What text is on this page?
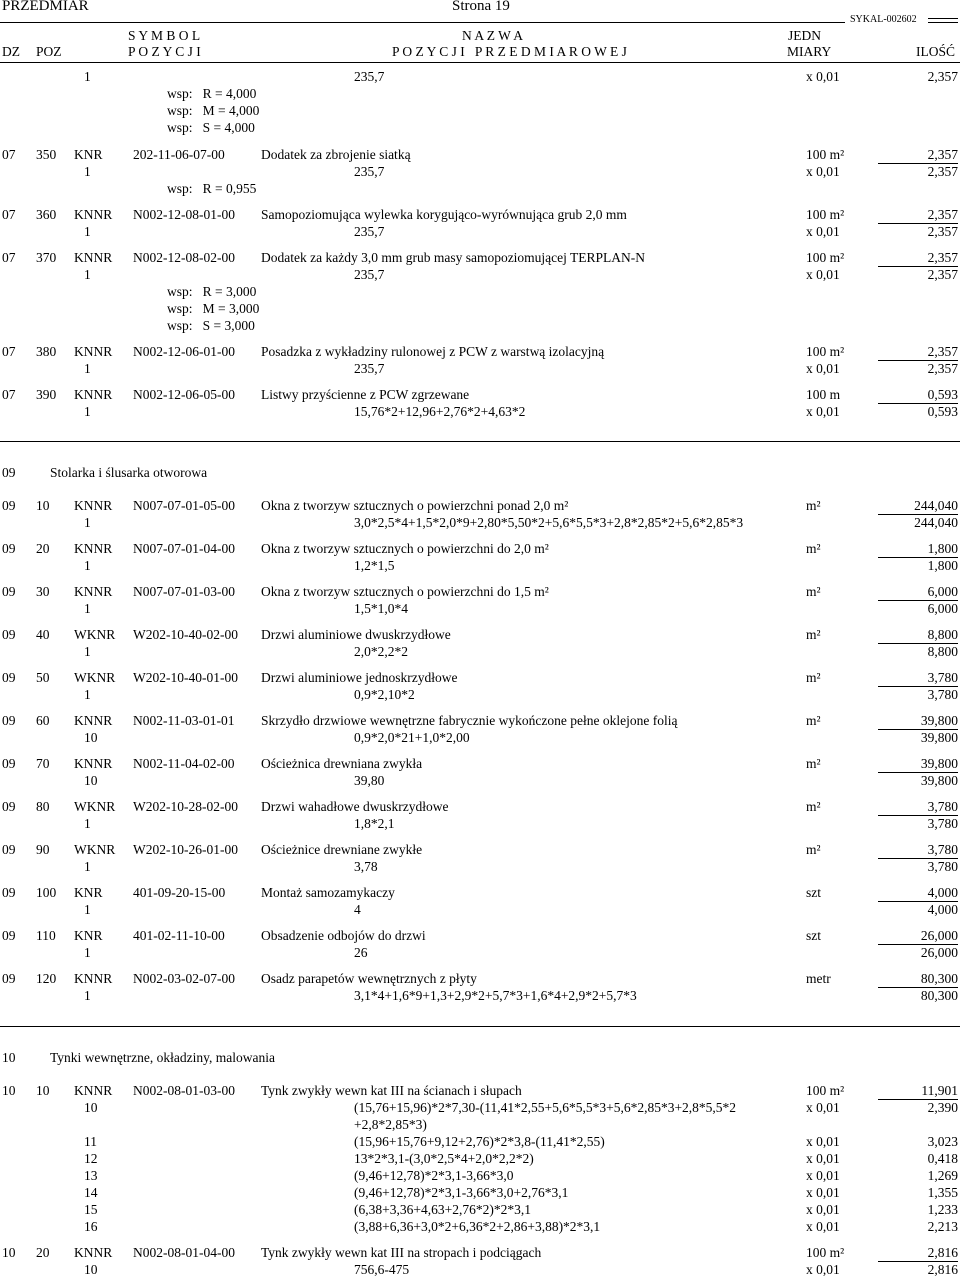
PRZEDMIAR	Strona 19
SYKAL-002602
S Y M B O L
P O Z Y C J I
N A Z W A
P O Z Y C J I   P R Z E D M I A R O W E J
JEDN
MIARY
DZ POZ	ILOŚĆ
1	235,7	x 0,01	2,357
wsp:   R = 4,000
wsp:   M = 4,000
wsp:   S = 4,000
07 350 KNR 202-11-06-07-00	Dodatek za zbrojenie siatką	100 m²	2,357
1	235,7	x 0,01	2,357
wsp:   R = 0,955
07 360 KNNR N002-12-08-01-00 Samopoziomująca wylewka korygująco-wyrównująca grub 2,0 mm	100 m²	2,357
1	235,7	x 0,01	2,357
07 370 KNNR N002-12-08-02-00 Dodatek za każdy 3,0 mm grub masy samopoziomującej TERPLAN-N	100 m²	2,357
1	235,7	x 0,01	2,357
wsp:   R = 3,000
wsp:   M = 3,000
wsp:   S = 3,000
07 380 KNNR N002-12-06-01-00 Posadzka z wykładziny rulonowej z PCW z warstwą izolacyjną	100 m²	2,357
1	235,7	x 0,01	2,357
07 390 KNNR N002-12-06-05-00 Listwy przyścienne z PCW zgrzewane	100 m	0,593
1	15,76*2+12,96+2,76*2+4,63*2	x 0,01	0,593
09	Stolarka i ślusarka otworowa
09 10 KNNR N007-07-01-05-00 Okna z tworzyw sztucznych o powierzchni ponad 2,0 m²	m²	244,040
1	3,0*2,5*4+1,5*2,0*9+2,80*5,50*2+5,6*5,5*3+2,8*2,85*2+5,6*2,85*3	244,040
09 20 KNNR N007-07-01-04-00 Okna z tworzyw sztucznych o powierzchni do 2,0 m²	m²	1,800
1	1,2*1,5	1,800
09 30 KNNR N007-07-01-03-00 Okna z tworzyw sztucznych o powierzchni do 1,5 m²	m²	6,000
1	1,5*1,0*4	6,000
09 40 WKNR W202-10-40-02-00 Drzwi aluminiowe dwuskrzydłowe	m²	8,800
1	2,0*2,2*2	8,800
09 50 WKNR W202-10-40-01-00 Drzwi aluminiowe jednoskrzydłowe	m²	3,780
1	0,9*2,10*2	3,780
09 60 KNNR N002-11-03-01-01 Skrzydło drzwiowe wewnętrzne fabrycznie wykończone pełne oklejone folią	m²	39,800
10	0,9*2,0*21+1,0*2,00	39,800
09 70 KNNR N002-11-04-02-00 Ościeżnica drewniana zwykła	m²	39,800
10	39,80	39,800
09 80 WKNR W202-10-28-02-00 Drzwi wahadłowe dwuskrzydłowe	m²	3,780
1	1,8*2,1	3,780
09 90 WKNR W202-10-26-01-00 Ościeżnice drewniane zwykłe	m²	3,780
1	3,78	3,780
09 100 KNR 401-09-20-15-00	Montaż samozamykaczy	szt	4,000
1	4	4,000
09 110 KNR 401-02-11-10-00	Obsadzenie odbojów do drzwi	szt	26,000
1	26	26,000
09 120 KNNR N002-03-02-07-00 Osadz parapetów wewnętrznych z płyty	metr	80,300
1	3,1*4+1,6*9+1,3+2,9*2+5,7*3+1,6*4+2,9*2+5,7*3	80,300
10	Tynki wewnętrzne, okładziny, malowania
10 10 KNNR N002-08-01-03-00 Tynk zwykły wewn kat III na ścianach i słupach	100 m²	11,901
10	(15,76+15,96)*2*7,30-(11,41*2,55+5,6*5,5*3+5,6*2,85*3+2,8*5,5*2	x 0,01	2,390
+2,8*2,85*3)
11	(15,96+15,76+9,12+2,76)*2*3,8-(11,41*2,55)	x 0,01	3,023
12	13*2*3,1-(3,0*2,5*4+2,0*2,2*2)	x 0,01	0,418
13	(9,46+12,78)*2*3,1-3,66*3,0	x 0,01	1,269
14	(9,46+12,78)*2*3,1-3,66*3,0+2,76*3,1	x 0,01	1,355
15	(6,38+3,36+4,63+2,76*2)*2*3,1	x 0,01	1,233
16	(3,88+6,36+3,0*2+6,36*2+2,86+3,88)*2*3,1	x 0,01	2,213
10 20 KNNR N002-08-01-04-00 Tynk zwykły wewn kat III na stropach i podciągach	100 m²	2,816
10	756,6-475	x 0,01	2,816
